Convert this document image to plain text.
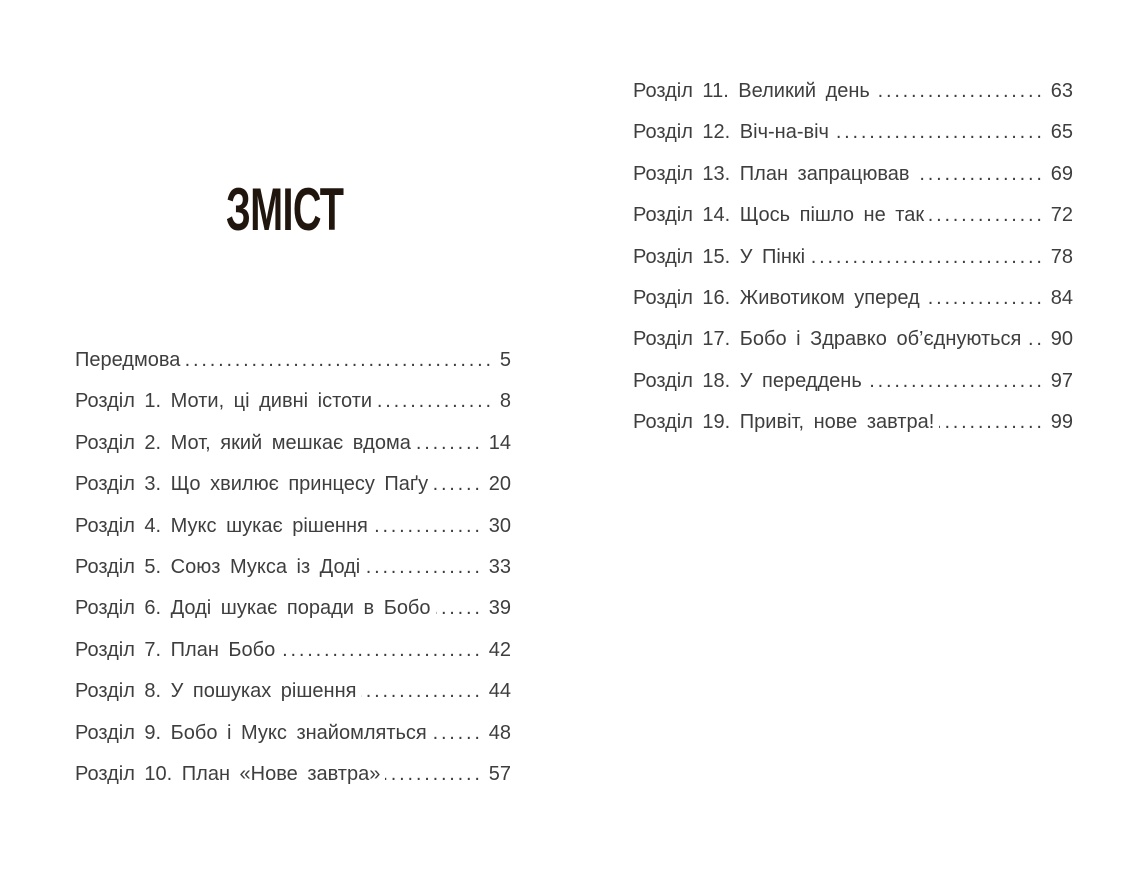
ЗМІСТ
Передмова .....	5
Розділ 1. Моти, ці дивні істоти .....	8
Розділ 2. Мот, який мешкає вдома .....	14
Розділ 3. Що хвилює принцесу Паґу .....	20
Розділ 4. Мукс шукає рішення .....	30
Розділ 5. Союз Мукса із Доді .....	33
Розділ 6. Доді шукає поради в Бобо .....	39
Розділ 7. План Бобо .....	42
Розділ 8. У пошуках рішення .....	44
Розділ 9. Бобо і Мукс знайомляться .....	48
Розділ 10. План «Нове завтра» .....	57
Розділ 11. Великий день .....	63
Розділ 12. Віч-на-віч .....	65
Розділ 13. План запрацював .....	69
Розділ 14. Щось пішло не так .....	72
Розділ 15. У Пінкі .....	78
Розділ 16. Животиком уперед .....	84
Розділ 17. Бобо і Здравко об’єднуються ..... 90
Розділ 18. У переддень .....	97
Розділ 19. Привіт, нове завтра! .....	99
